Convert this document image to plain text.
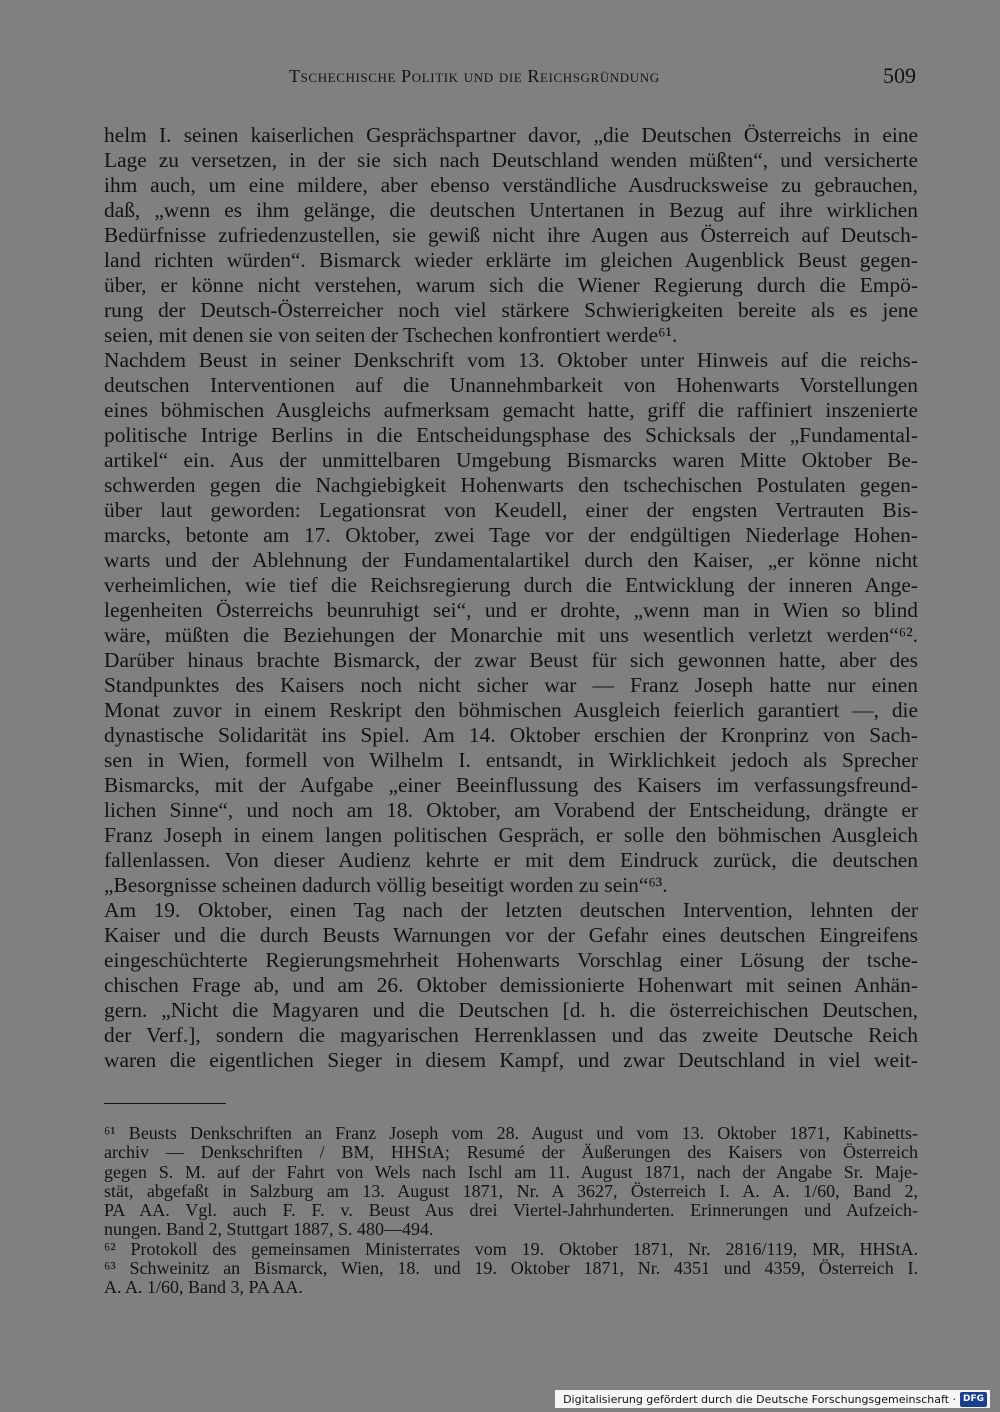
Tschechische Politik und die Reichsgründung	509
helm I. seinen kaiserlichen Gesprächspartner davor, „die Deutschen Österreichs in eine
Lage zu versetzen, in der sie sich nach Deutschland wenden müßten“, und versicherte
ihm auch, um eine mildere, aber ebenso verständliche Ausdrucksweise zu gebrauchen,
daß, „wenn es ihm gelänge, die deutschen Untertanen in Bezug auf ihre wirklichen
Bedürfnisse zufriedenzustellen, sie gewiß nicht ihre Augen aus Österreich auf Deutsch-
land richten würden“. Bismarck wieder erklärte im gleichen Augenblick Beust gegen-
über, er könne nicht verstehen, warum sich die Wiener Regierung durch die Empö-
rung der Deutsch-Österreicher noch viel stärkere Schwierigkeiten bereite als es jene
seien, mit denen sie von seiten der Tschechen konfrontiert werde⁶¹.
Nachdem Beust in seiner Denkschrift vom 13. Oktober unter Hinweis auf die reichs-
deutschen Interventionen auf die Unannehmbarkeit von Hohenwarts Vorstellungen
eines böhmischen Ausgleichs aufmerksam gemacht hatte, griff die raffiniert inszenierte
politische Intrige Berlins in die Entscheidungsphase des Schicksals der „Fundamental-
artikel“ ein. Aus der unmittelbaren Umgebung Bismarcks waren Mitte Oktober Be-
schwerden gegen die Nachgiebigkeit Hohenwarts den tschechischen Postulaten gegen-
über laut geworden: Legationsrat von Keudell, einer der engsten Vertrauten Bis-
marcks, betonte am 17. Oktober, zwei Tage vor der endgültigen Niederlage Hohen-
warts und der Ablehnung der Fundamentalartikel durch den Kaiser, „er könne nicht
verheimlichen, wie tief die Reichsregierung durch die Entwicklung der inneren Ange-
legenheiten Österreichs beunruhigt sei“, und er drohte, „wenn man in Wien so blind
wäre, müßten die Beziehungen der Monarchie mit uns wesentlich verletzt werden“⁶².
Darüber hinaus brachte Bismarck, der zwar Beust für sich gewonnen hatte, aber des
Standpunktes des Kaisers noch nicht sicher war — Franz Joseph hatte nur einen
Monat zuvor in einem Reskript den böhmischen Ausgleich feierlich garantiert —, die
dynastische Solidarität ins Spiel. Am 14. Oktober erschien der Kronprinz von Sach-
sen in Wien, formell von Wilhelm I. entsandt, in Wirklichkeit jedoch als Sprecher
Bismarcks, mit der Aufgabe „einer Beeinflussung des Kaisers im verfassungsfreund-
lichen Sinne“, und noch am 18. Oktober, am Vorabend der Entscheidung, drängte er
Franz Joseph in einem langen politischen Gespräch, er solle den böhmischen Ausgleich
fallenlassen. Von dieser Audienz kehrte er mit dem Eindruck zurück, die deutschen
„Besorgnisse scheinen dadurch völlig beseitigt worden zu sein“⁶³.
Am 19. Oktober, einen Tag nach der letzten deutschen Intervention, lehnten der
Kaiser und die durch Beusts Warnungen vor der Gefahr eines deutschen Eingreifens
eingeschüchterte Regierungsmehrheit Hohenwarts Vorschlag einer Lösung der tsche-
chischen Frage ab, und am 26. Oktober demissionierte Hohenwart mit seinen Anhän-
gern. „Nicht die Magyaren und die Deutschen [d. h. die österreichischen Deutschen,
der Verf.], sondern die magyarischen Herrenklassen und das zweite Deutsche Reich
waren die eigentlichen Sieger in diesem Kampf, und zwar Deutschland in viel weit-
⁶¹ Beusts Denkschriften an Franz Joseph vom 28. August und vom 13. Oktober 1871, Kabinetts-
archiv — Denkschriften / BM, HHStA; Resumé der Äußerungen des Kaisers von Österreich
gegen S. M. auf der Fahrt von Wels nach Ischl am 11. August 1871, nach der Angabe Sr. Maje-
stät, abgefaßt in Salzburg am 13. August 1871, Nr. A 3627, Österreich I. A. A. 1/60, Band 2,
PA AA. Vgl. auch F. F. v. Beust Aus drei Viertel-Jahrhunderten. Erinnerungen und Aufzeich-
nungen. Band 2, Stuttgart 1887, S. 480—494.
⁶² Protokoll des gemeinsamen Ministerrates vom 19. Oktober 1871, Nr. 2816/119, MR, HHStA.
⁶³ Schweinitz an Bismarck, Wien, 18. und 19. Oktober 1871, Nr. 4351 und 4359, Österreich I.
A. A. 1/60, Band 3, PA AA.
Digitalisierung gefördert durch die Deutsche Forschungsgemeinschaft · DFG
